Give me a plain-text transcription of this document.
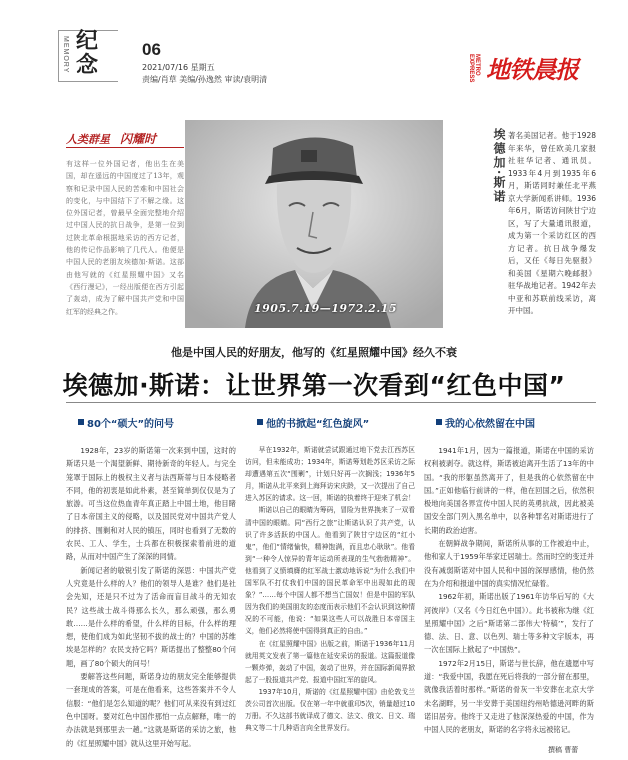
MEMORY 纪念
06
2021/07/16 星期五
责编/肖草 美编/孙逸然 审读/袁明清
METRO EXPRESS 地铁晨报
人类群星 闪耀时
有这样一位外国记者，他出生在美国，却在遥远的中国度过了13年，观察和记录中国人民的苦难和中国社会的变化，与中国结下了不解之缘。这位外国记者，曾最早全面完整地介绍过中国人民的抗日战争，是第一位到过陕北革命根据地采访的西方记者，他的传记作品影响了几代人。他便是中国人民的老朋友埃德加·斯诺。这部由他写就的《红星照耀中国》又名《西行漫记》，一经出版便在西方引起了轰动，成为了解中国共产党和中国红军的经典之作。	1905.7.19—1972.2.15
埃德加·斯诺 著名美国记者。他于1928年来华，曾任欧美几家报社驻华记者、通讯员。1933年4月到1935年6月，斯诺同时兼任北平燕京大学新闻系讲师。1936年6月，斯诺访问陕甘宁边区，写了大量通讯报道，成为第一个采访红区的西方记者。抗日战争爆发后，又任《每日先驱报》和美国《星期六晚邮报》驻华战地记者。1942年去中亚和苏联前线采访，离开中国。
他是中国人民的好朋友，他写的《红星照耀中国》经久不衰
埃德加·斯诺：让世界第一次看到“红色中国”
80个“硕大”的问号

1928年，23岁的斯诺第一次来到中国，这时的斯诺只是一个渴望新鲜、期待新奇的年轻人。与完全笼罩于国际上的极权主义者与法西斯蒂与日本侵略者不同，他的初衷是如此朴素，甚至简单到仅仅是为了旅游。可当这位热血青年真正踏上中国土地，他目睹了日本帝国主义的侵略，以及国民党对中国共产党人的排挤、围剿和对人民的镇压，同时也看到了无数的农民、工人、学生，士兵都在积极探索着前进的道路，从而对中国产生了深深的同情。

新闻记者的敏锐引发了斯诺的深思：中国共产党人究竟是什么样的人？他们的领导人是谁？他们是社会先知，还是只不过为了活命而盲目战斗的无知农民？这些战士战斗得那么长久，那么顽强，那么勇敢……是什么样的希望，什么样的目标，什么样的理想，使他们成为如此坚韧不拔的战士的？中国的苏维埃是怎样的？农民支持它吗？斯诺提出了整整80个问题，画了80个硕大的问号！

要解答这些问题，斯诺身边的朋友完全能够提供一套现成的答案，可是在他看来，这些答案并不令人信服：“他们是怎么知道的呢？他们可从来没有到过红色中国呀。要对红色中国作那怕一点点解释，唯一的办法就是到那里去一趟。”这就是斯诺的采访之旅，他的《红星照耀中国》就从这里开始写起。

他的书掀起“红色旋风”

早在1932年，斯诺就尝试跟通过地下党去江西苏区访问，但未能成功；1934年，斯诺筹划赴苏区采访之际却遭遇第五次“围剿”，计划只好再一次搁浅；1936年5月，斯诺从北平来到上海拜访宋庆龄，又一次提出了自己进入苏区的请求。这一回，斯诺的执着终于迎来了机会！

斯诺以自己的眼睛为筹码，冒险为世界换来了一双看清中国的眼睛。同“西行之旅”让斯诺认识了共产党，认识了许多活跃的中国人。他看到了陕甘宁边区的“红小鬼”，他们“情绪愉快，精神饱满，而且忠心耿耿”。他看到“一种令人惊异的青年运动所表现的生气勃勃精神”。他看到了义愤填膺的红军战士激动地诉说“为什么我们中国军队不打仗我们中国的国民革命军中出现如此的现象？”……每个中国人都不想当亡国奴！但是中国的军队因为我们的美国朋友的态度而表示他们不会认识到这种情况的不可能，他说：“如果这些人可以战胜日本帝国主义，他们必然将使中国得到真正的自由。”

在《红星照耀中国》出版之前，斯诺于1936年11月就用英文发表了第一篇他在延安采访的报道。这篇报道像一颗炸弹，轰动了中国，轰动了世界，并在国际新闻界掀起了一股报道共产党、报道中国红军的旋风。

1937年10月，斯诺的《红星照耀中国》由伦敦戈兰茨公司首次出版。仅在第一年中就重印5次，销量超过10万册。不久这部书就译成了德文、法文、俄文、日文、瑞典文等二十几种语言向全世界发行。

我的心依然留在中国

1941年1月，因为一篇报道，斯诺在中国的采访权利被剥夺。就这样，斯诺被迫离开生活了13年的中国。“我的形躯虽然离开了，但是我的心依然留在中国。”正如他临行前讲的一样，他在回国之后，依然积极地向美国各界宣传中国人民的英勇抗战，因此被美国安全部门列入黑名单中，以各种罪名对斯诺进行了长期的政治迫害。

在朝鲜战争期间，斯诺所从事的工作被迫中止，他和家人于1959年举家迁居瑞士。然而时空的变迁并没有减弱斯诺对中国人民和中国的深厚感情，他仍然在为介绍和报道中国的真实情况忙碌着。

1962年初，斯诺出版了1961年访华后写的《大河彼岸》（又名《今日红色中国》）。此书被称为继《红星照耀中国》之后“斯诺第二部伟大‘特稿’”，发行了德、法、日、意、以色列、瑞士等多种文字版本，再一次在国际上掀起了“中国热”。

1972年2月15日，斯诺与世长辞，他在遗愿中写道：“我爱中国，我愿在死后将我的一部分留在那里，就像我活着时那样。”斯诺的骨灰一半安葬在北京大学未名湖畔，另一半安葬于美国纽约州哈德逊河畔的斯诺旧居旁。他终于又走进了他深深热爱的中国，作为中国人民的老朋友，斯诺的名字将永远被铭记。

撰稿 曹蕾
